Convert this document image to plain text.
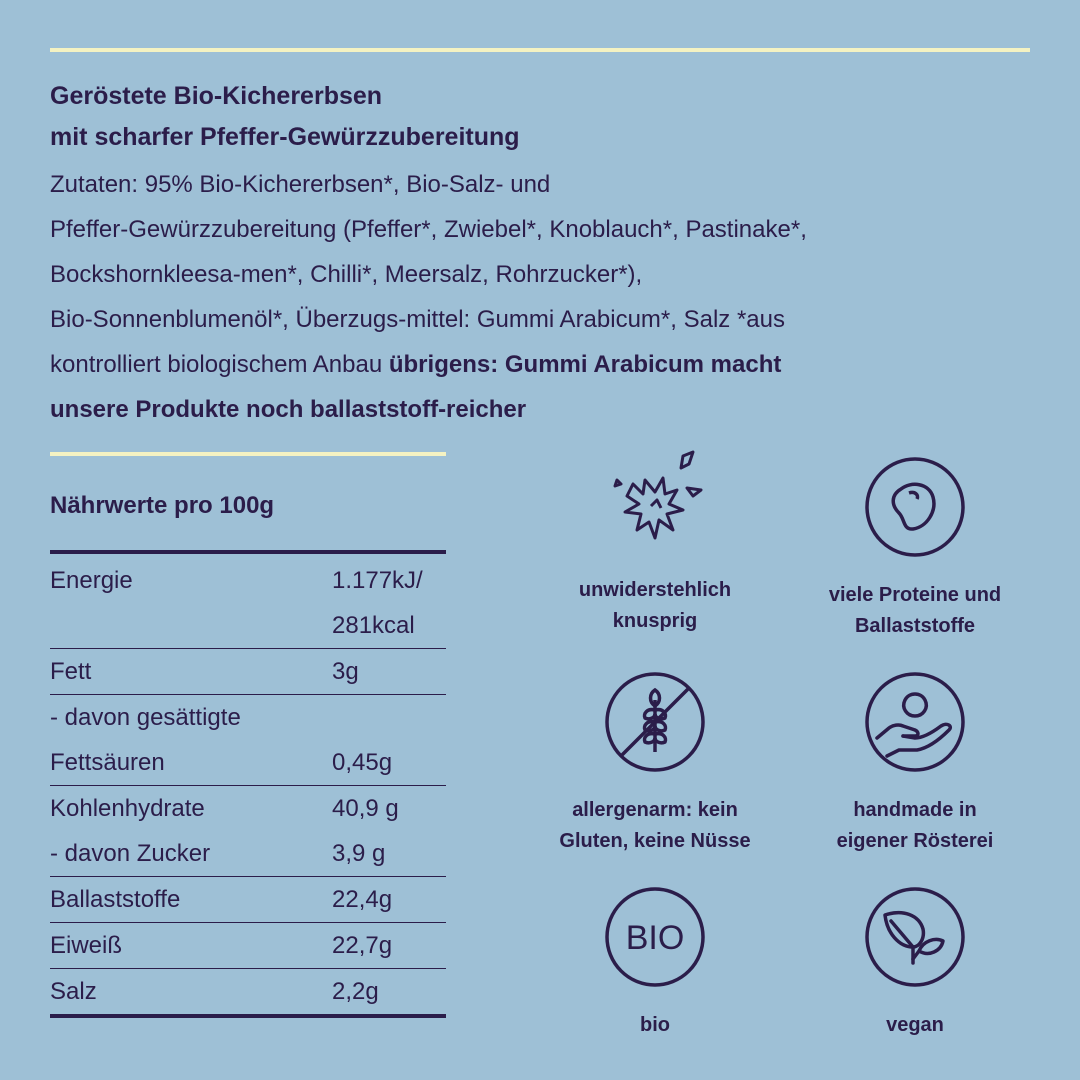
Geröstete Bio-Kichererbsen
mit scharfer Pfeffer-Gewürzzubereitung
Zutaten: 95% Bio-Kichererbsen*, Bio-Salz- und
Pfeffer-Gewürzzubereitung (Pfeffer*, Zwiebel*, Knoblauch*, Pastinake*,
Bockshornkleesa-men*, Chilli*, Meersalz, Rohrzucker*),
Bio-Sonnenblumenöl*, Überzugs-mittel: Gummi Arabicum*, Salz *aus
kontrolliert biologischem Anbau übrigens: Gummi Arabicum macht
unsere Produkte noch ballaststoff-reicher
Nährwerte pro 100g
Energie	1.177kJ/
281kcal
Fett	3g
- davon gesättigte
Fettsäuren	0,45g
Kohlenhydrate	40,9 g
- davon Zucker	3,9 g
Ballaststoffe	22,4g
Eiweiß	22,7g
Salz	2,2g
unwiderstehlich
knusprig
viele Proteine und
Ballaststoffe
allergenarm: kein
Gluten, keine Nüsse
handmade in
eigener Rösterei
BIO
bio	vegan
